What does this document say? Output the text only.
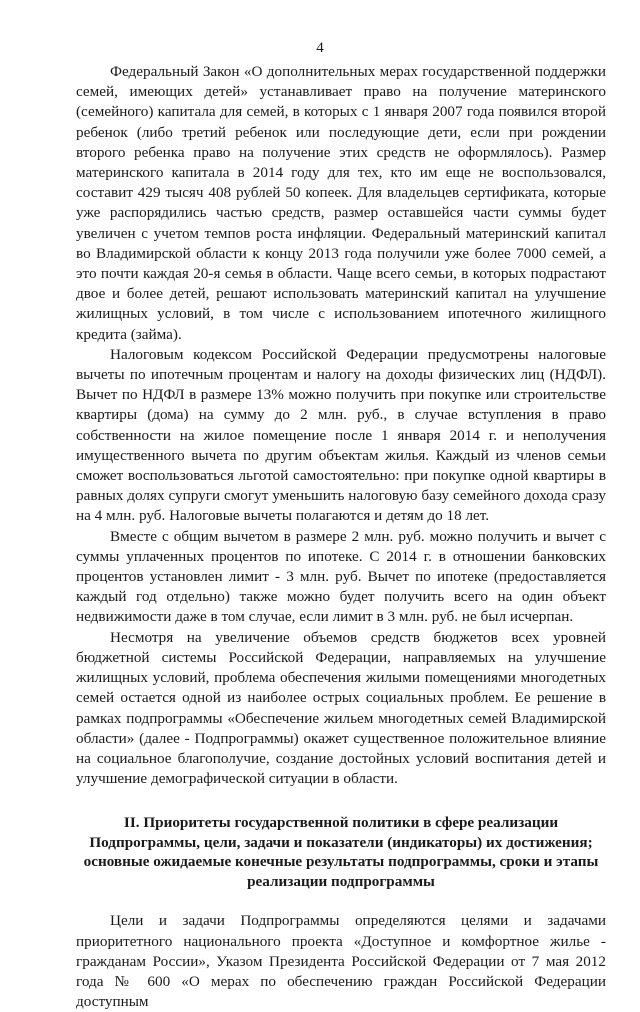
4

Федеральный Закон «О дополнительных мерах государственной поддержки семей, имеющих детей» устанавливает право на получение материнского (семейного) капитала для семей, в которых с 1 января 2007 года появился второй ребенок (либо третий ребенок или последующие дети, если при рождении второго ребенка право на получение этих средств не оформлялось). Размер материнского капитала в 2014 году для тех, кто им еще не воспользовался, составит 429 тысяч 408 рублей 50 копеек. Для владельцев сертификата, которые уже распорядились частью средств, размер оставшейся части суммы будет увеличен с учетом темпов роста инфляции. Федеральный материнский капитал во Владимирской области к концу 2013 года получили уже более 7000 семей, а это почти каждая 20-я семья в области. Чаще всего семьи, в которых подрастают двое и более детей, решают использовать материнский капитал на улучшение жилищных условий, в том числе с использованием ипотечного жилищного кредита (займа).

Налоговым кодексом Российской Федерации предусмотрены налоговые вычеты по ипотечным процентам и налогу на доходы физических лиц (НДФЛ). Вычет по НДФЛ в размере 13% можно получить при покупке или строительстве квартиры (дома) на сумму до 2 млн. руб., в случае вступления в право собственности на жилое помещение после 1 января 2014 г. и неполучения имущественного вычета по другим объектам жилья. Каждый из членов семьи сможет воспользоваться льготой самостоятельно: при покупке одной квартиры в равных долях супруги смогут уменьшить налоговую базу семейного дохода сразу на 4 млн. руб. Налоговые вычеты полагаются и детям до 18 лет.

Вместе с общим вычетом в размере 2 млн. руб. можно получить и вычет с суммы уплаченных процентов по ипотеке. С 2014 г. в отношении банковских процентов установлен лимит - 3 млн. руб. Вычет по ипотеке (предоставляется каждый год отдельно) также можно будет получить всего на один объект недвижимости даже в том случае, если лимит в 3 млн. руб. не был исчерпан.

Несмотря на увеличение объемов средств бюджетов всех уровней бюджетной системы Российской Федерации, направляемых на улучшение жилищных условий, проблема обеспечения жилыми помещениями многодетных семей остается одной из наиболее острых социальных проблем. Ее решение в рамках подпрограммы «Обеспечение жильем многодетных семей Владимирской области» (далее - Подпрограммы) окажет существенное положительное влияние на социальное благополучие, создание достойных условий воспитания детей и улучшение демографической ситуации в области.

II. Приоритеты государственной политики в сфере реализации
Подпрограммы, цели, задачи и показатели (индикаторы) их достижения;
основные ожидаемые конечные результаты подпрограммы, сроки и этапы
реализации подпрограммы

Цели и задачи Подпрограммы определяются целями и задачами приоритетного национального проекта «Доступное и комфортное жилье - гражданам России», Указом Президента Российской Федерации от 7 мая 2012 года № 600 «О мерах по обеспечению граждан Российской Федерации доступным
